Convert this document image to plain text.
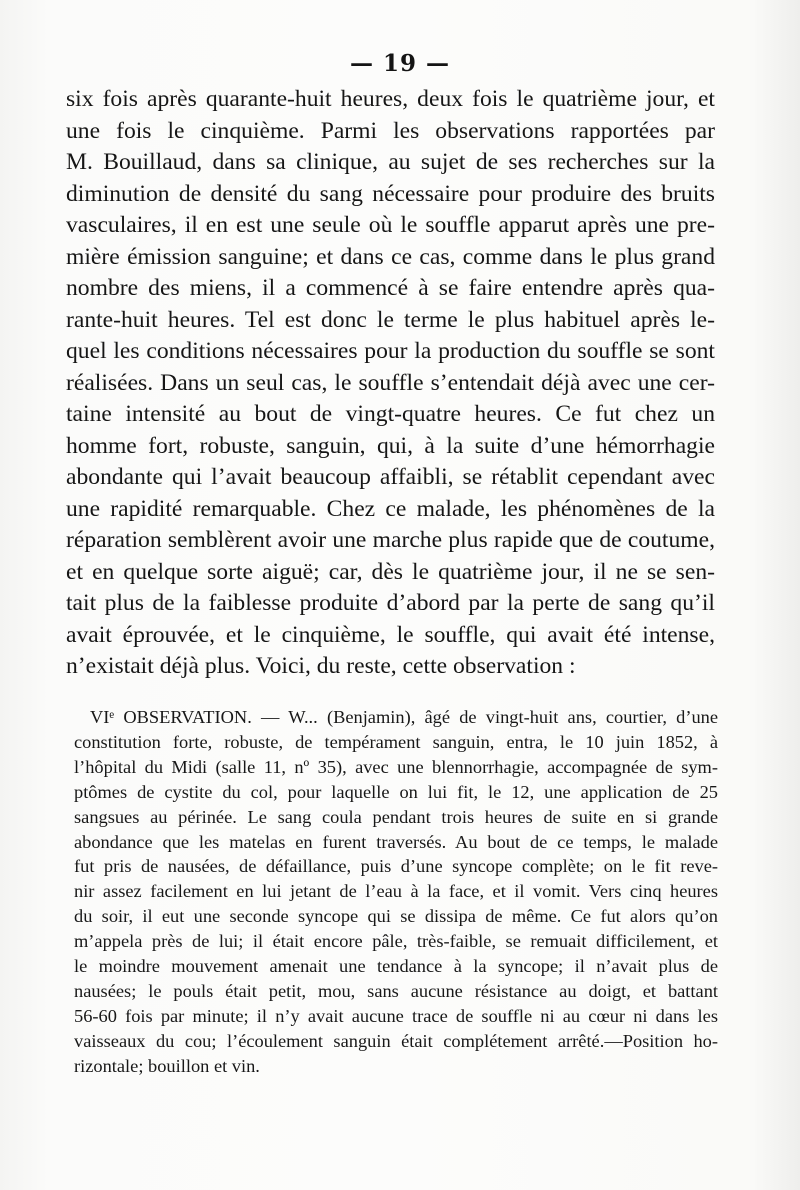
— 19 —

six fois après quarante-huit heures, deux fois le quatrième jour, et
une fois le cinquième. Parmi les observations rapportées par
M. Bouillaud, dans sa clinique, au sujet de ses recherches sur la
diminution de densité du sang nécessaire pour produire des bruits
vasculaires, il en est une seule où le souffle apparut après une pre-
mière émission sanguine; et dans ce cas, comme dans le plus grand
nombre des miens, il a commencé à se faire entendre après qua-
rante-huit heures. Tel est donc le terme le plus habituel après le-
quel les conditions nécessaires pour la production du souffle se sont
réalisées. Dans un seul cas, le souffle s’entendait déjà avec une cer-
taine intensité au bout de vingt-quatre heures. Ce fut chez un
homme fort, robuste, sanguin, qui, à la suite d’une hémorrhagie
abondante qui l’avait beaucoup affaibli, se rétablit cependant avec
une rapidité remarquable. Chez ce malade, les phénomènes de la
réparation semblèrent avoir une marche plus rapide que de coutume,
et en quelque sorte aiguë; car, dès le quatrième jour, il ne se sen-
tait plus de la faiblesse produite d’abord par la perte de sang qu’il
avait éprouvée, et le cinquième, le souffle, qui avait été intense,
n’existait déjà plus. Voici, du reste, cette observation :

VIᵉ OBSERVATION. — W... (Benjamin), âgé de vingt-huit ans, courtier, d’une
constitution forte, robuste, de tempérament sanguin, entra, le 10 juin 1852, à
l’hôpital du Midi (salle 11, nº 35), avec une blennorrhagie, accompagnée de sym-
ptômes de cystite du col, pour laquelle on lui fit, le 12, une application de 25
sangsues au périnée. Le sang coula pendant trois heures de suite en si grande
abondance que les matelas en furent traversés. Au bout de ce temps, le malade
fut pris de nausées, de défaillance, puis d’une syncope complète; on le fit reve-
nir assez facilement en lui jetant de l’eau à la face, et il vomit. Vers cinq heures
du soir, il eut une seconde syncope qui se dissipa de même. Ce fut alors qu’on
m’appela près de lui; il était encore pâle, très-faible, se remuait difficilement, et
le moindre mouvement amenait une tendance à la syncope; il n’avait plus de
nausées; le pouls était petit, mou, sans aucune résistance au doigt, et battant
56-60 fois par minute; il n’y avait aucune trace de souffle ni au cœur ni dans les
vaisseaux du cou; l’écoulement sanguin était complétement arrêté.—Position ho-
rizontale; bouillon et vin.
